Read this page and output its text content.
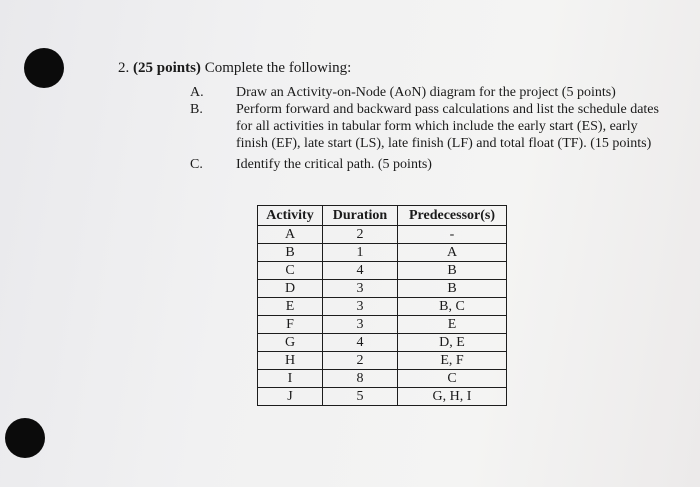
2. (25 points) Complete the following:
A.	Draw an Activity-on-Node (AoN) diagram for the project (5 points)
B.	Perform forward and backward pass calculations and list the schedule dates for all activities in tabular form which include the early start (ES), early finish (EF), late start (LS), late finish (LF) and total float (TF). (15 points)
C.	Identify the critical path. (5 points)
Activity	Duration	Predecessor(s)
A	2	-
B	1	A
C	4	B
D	3	B
E	3	B, C
F	3	E
G	4	D, E
H	2	E, F
I	8	C
J	5	G, H, I
